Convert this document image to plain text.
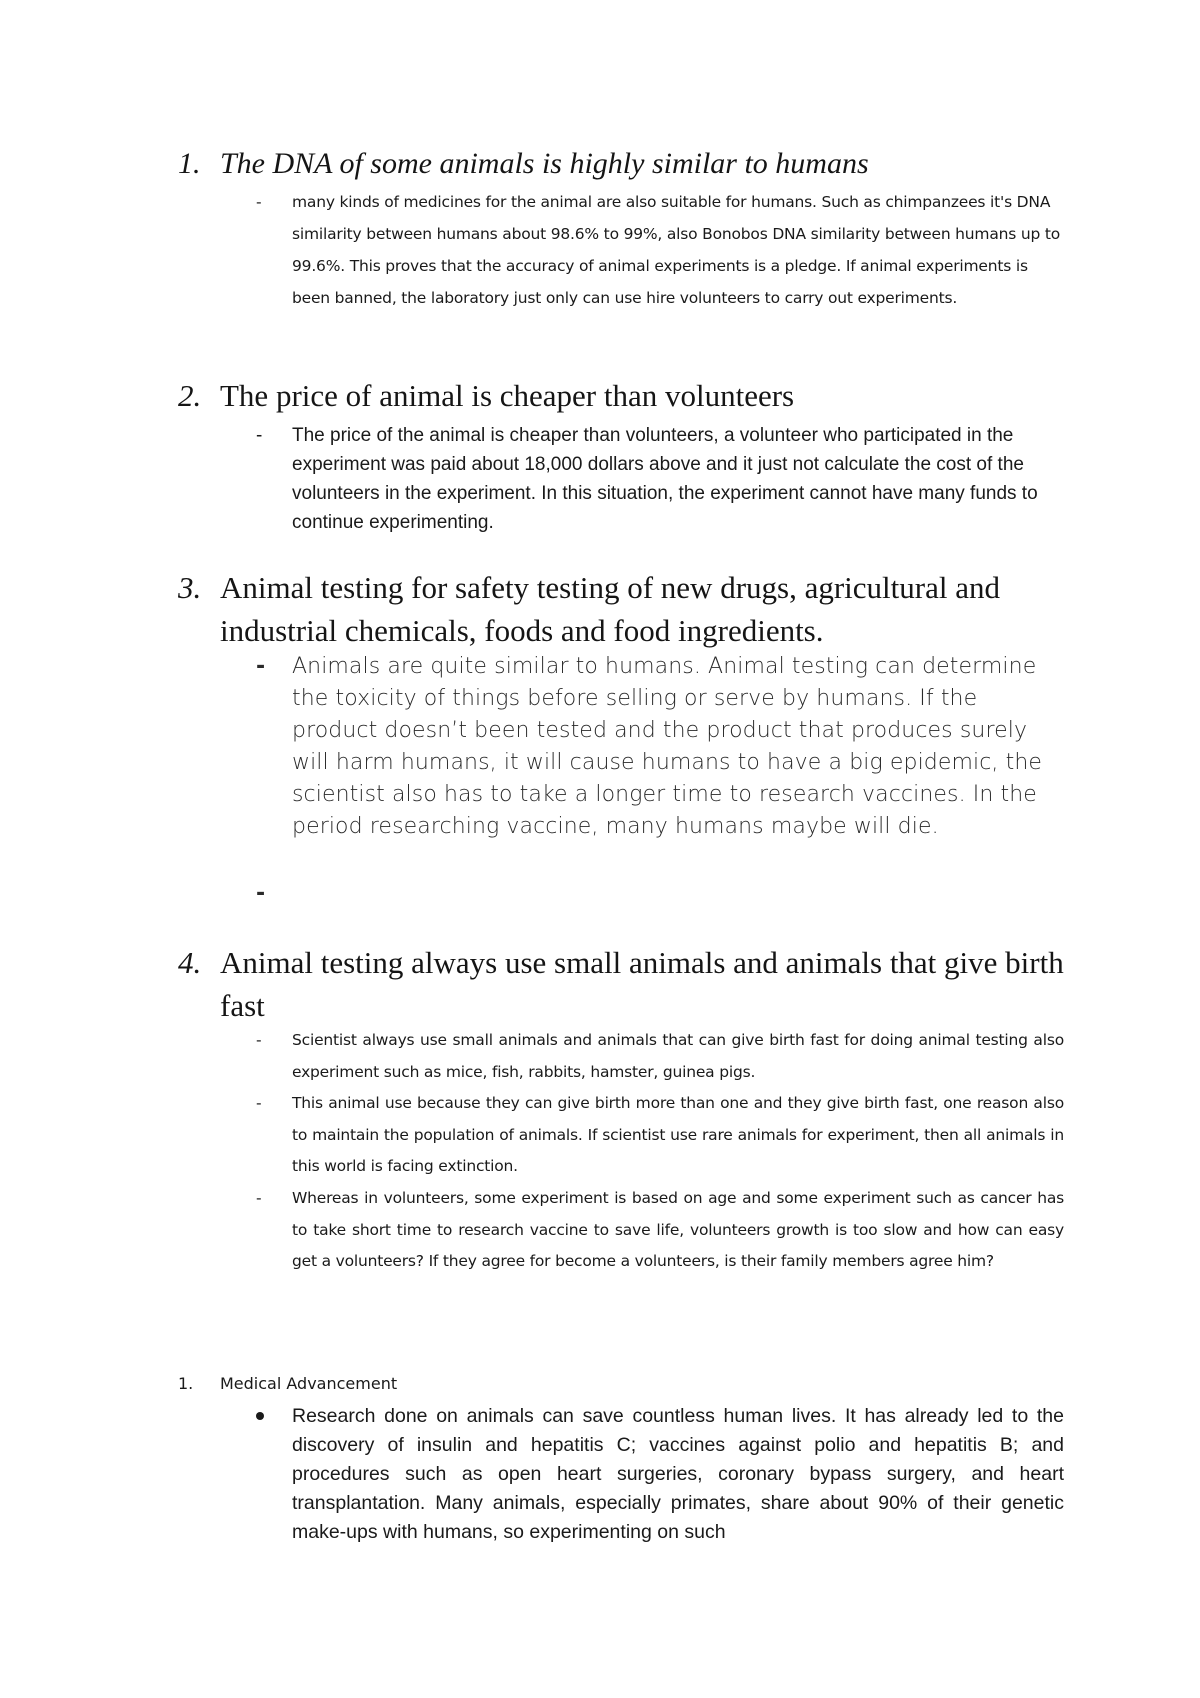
1. The DNA of some animals is highly similar to humans
- many kinds of medicines for the animal are also suitable for humans. Such as chimpanzees it's DNA similarity between humans about 98.6% to 99%, also Bonobos DNA similarity between humans up to 99.6%. This proves that the accuracy of animal experiments is a pledge. If animal experiments is been banned, the laboratory just only can use hire volunteers to carry out experiments.
2. The price of animal is cheaper than volunteers
- The price of the animal is cheaper than volunteers, a volunteer who participated in the experiment was paid about 18,000 dollars above and it just not calculate the cost of the volunteers in the experiment. In this situation, the experiment cannot have many funds to continue experimenting.
3. Animal testing for safety testing of new drugs, agricultural and industrial chemicals, foods and food ingredients.
- Animals are quite similar to humans. Animal testing can determine the toxicity of things before selling or serve by humans. If the product doesn’t been tested and the product that produces surely will harm humans, it will cause humans to have a big epidemic, the scientist also has to take a longer time to research vaccines. In the period researching vaccine, many humans maybe will die.
-
4. Animal testing always use small animals and animals that give birth fast
- Scientist always use small animals and animals that can give birth fast for doing animal testing also experiment such as mice, fish, rabbits, hamster, guinea pigs.
- This animal use because they can give birth more than one and they give birth fast, one reason also to maintain the population of animals. If scientist use rare animals for experiment, then all animals in this world is facing extinction.
- Whereas in volunteers, some experiment is based on age and some experiment such as cancer has to take short time to research vaccine to save life, volunteers growth is too slow and how can easy get a volunteers? If they agree for become a volunteers, is their family members agree him?
1. Medical Advancement
Research done on animals can save countless human lives. It has already led to the discovery of insulin and hepatitis C; vaccines against polio and hepatitis B; and procedures such as open heart surgeries, coronary bypass surgery, and heart transplantation. Many animals, especially primates, share about 90% of their genetic make-ups with humans, so experimenting on such
